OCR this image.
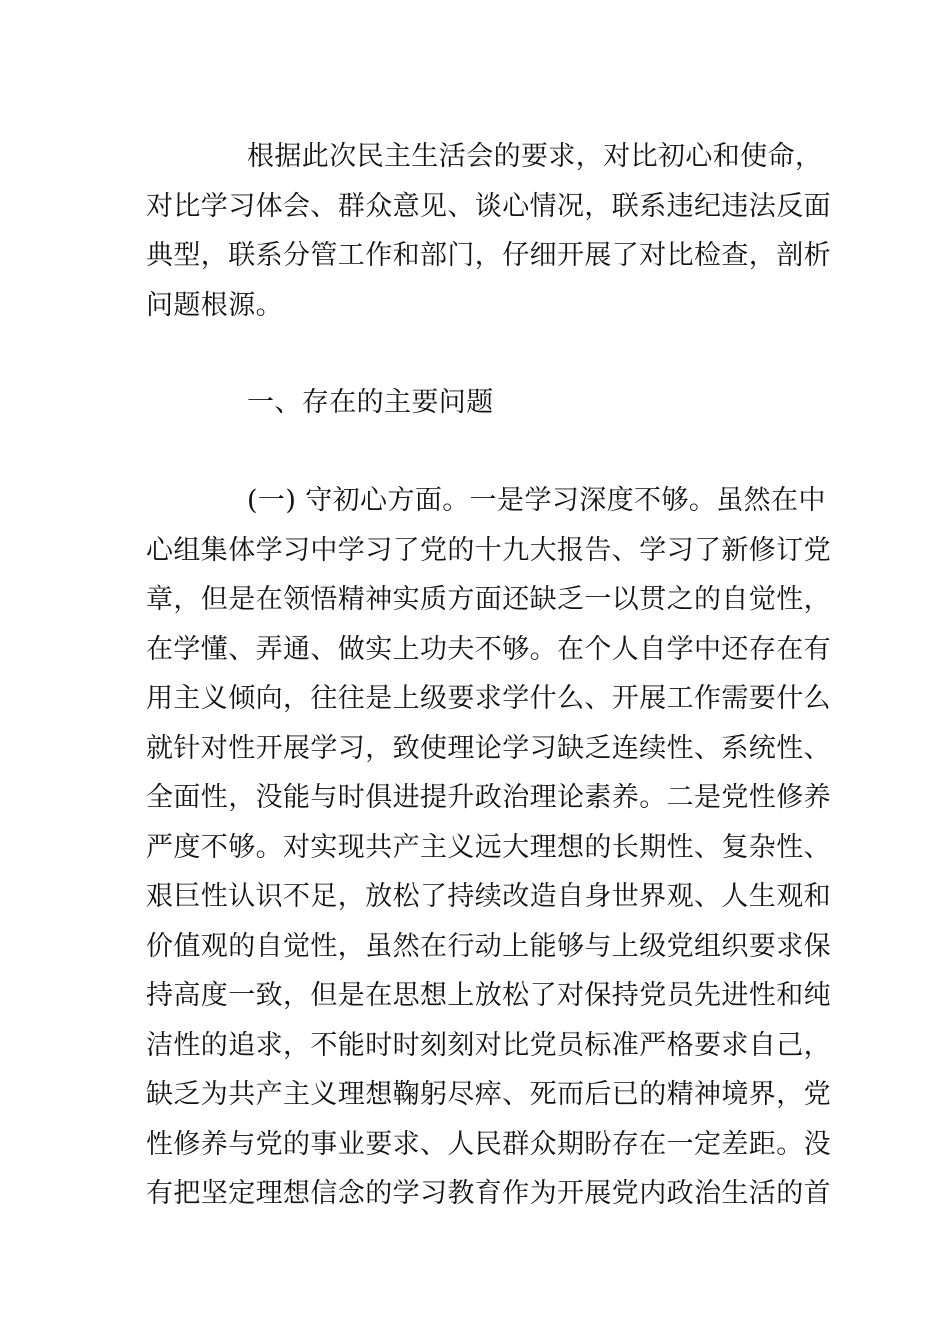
根据此次民主生活会的要求，对比初心和使命，
对比学习体会、群众意见、谈心情况，联系违纪违法反面
典型，联系分管工作和部门，仔细开展了对比检查，剖析
问题根源。
一、存在的主要问题
(一) 守初心方面。一是学习深度不够。虽然在中
心组集体学习中学习了党的十九大报告、学习了新修订党
章，但是在领悟精神实质方面还缺乏一以贯之的自觉性，
在学懂、弄通、做实上功夫不够。在个人自学中还存在有
用主义倾向，往往是上级要求学什么、开展工作需要什么
就针对性开展学习，致使理论学习缺乏连续性、系统性、
全面性，没能与时俱进提升政治理论素养。二是党性修养
严度不够。对实现共产主义远大理想的长期性、复杂性、
艰巨性认识不足，放松了持续改造自身世界观、人生观和
价值观的自觉性，虽然在行动上能够与上级党组织要求保
持高度一致，但是在思想上放松了对保持党员先进性和纯
洁性的追求，不能时时刻刻对比党员标准严格要求自己，
缺乏为共产主义理想鞠躬尽瘁、死而后已的精神境界，党
性修养与党的事业要求、人民群众期盼存在一定差距。没
有把坚定理想信念的学习教育作为开展党内政治生活的首
